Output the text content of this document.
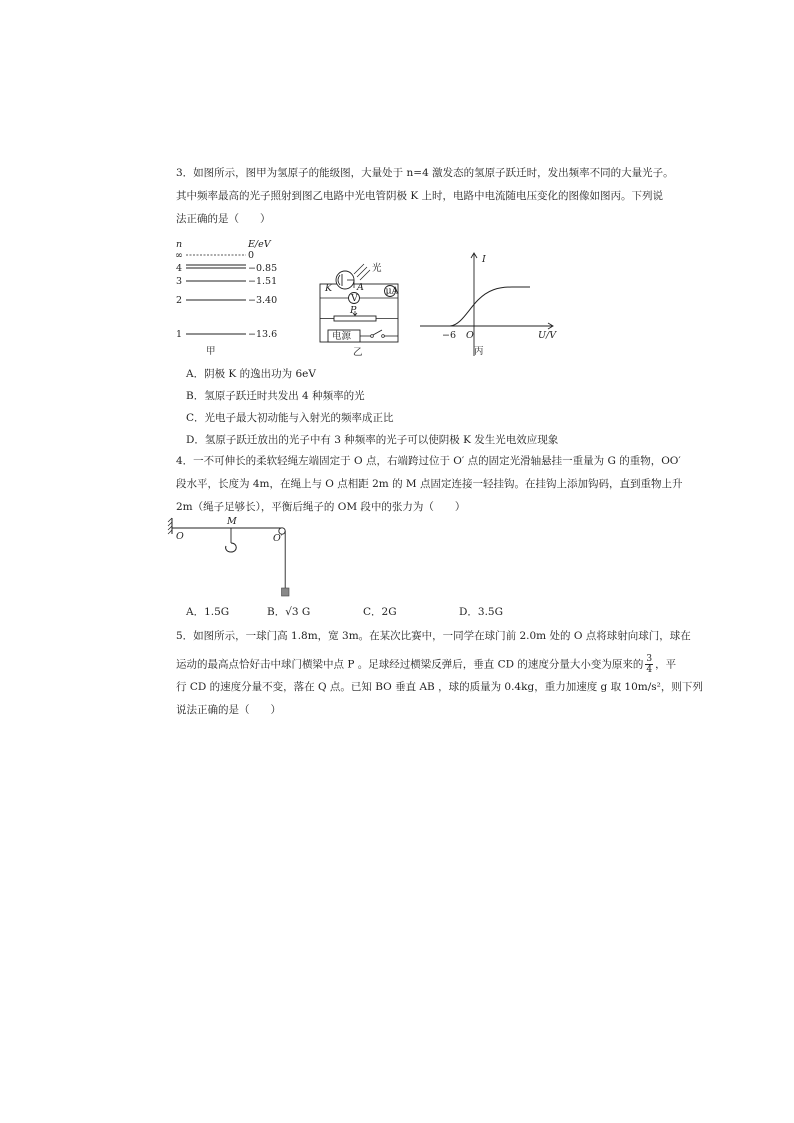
3．如图所示，图甲为氢原子的能级图，大量处于 n=4 激发态的氢原子跃迁时，发出频率不同的大量光子。
其中频率最高的光子照射到图乙电路中光电管阴极 K 上时，电路中电流随电压变化的图像如图丙。下列说
法正确的是（　　）
n	E/eV
∞	0
4	−0.85
3	−1.51
2	−3.40
1	−13.6
甲
光
K	A
V
μA
P
电源
乙
I
U/V
O
−6
丙
A．阴极 K 的逸出功为 6eV
B．氢原子跃迁时共发出 4 种频率的光
C．光电子最大初动能与入射光的频率成正比
D．氢原子跃迁放出的光子中有 3 种频率的光子可以使阴极 K 发生光电效应现象
4．一不可伸长的柔软轻绳左端固定于 O 点，右端跨过位于 O′ 点的固定光滑轴悬挂一重量为 G 的重物，OO′
段水平，长度为 4m，在绳上与 O 点相距 2m 的 M 点固定连接一轻挂钩。在挂钩上添加钩码，直到重物上升
2m（绳子足够长），平衡后绳子的 OM 段中的张力为（　　）
O
M
O′
A．1.5G	B．√3 G	C．2G	D．3.5G
5．如图所示，一球门高 1.8m，宽 3m。在某次比赛中，一同学在球门前 2.0m 处的 O 点将球射向球门，球在
运动的最高点恰好击中球门横梁中点 P 。足球经过横梁反弹后，垂直 CD 的速度分量大小变为原来的 $\frac{3}{4}$ ，平
行 CD 的速度分量不变，落在 Q 点。已知 BO 垂直 AB ，球的质量为 0.4kg，重力加速度 g 取 10m/s²，则下列
说法正确的是（　　）
